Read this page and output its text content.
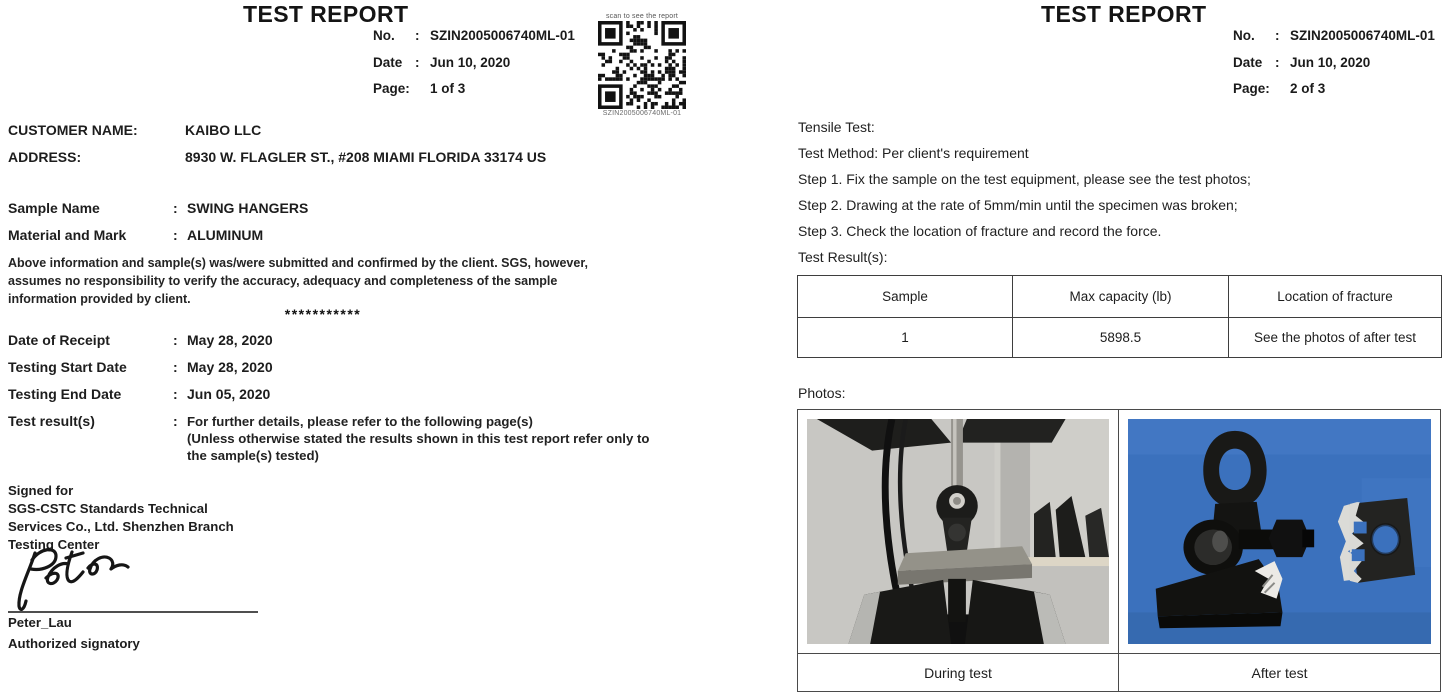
TEST REPORT
No.	: SZIN2005006740ML-01
Date : Jun 10, 2020
Page:	1 of 3
scan to see the report
SZIN2005006740ML-01
CUSTOMER NAME:	KAIBO LLC
ADDRESS:	8930 W. FLAGLER ST., #208 MIAMI FLORIDA 33174 US
Sample Name	: SWING HANGERS
Material and Mark	: ALUMINUM
Above information and sample(s) was/were submitted and confirmed by the client. SGS, however,
assumes no responsibility to verify the accuracy, adequacy and completeness of the sample
information provided by client.
***********
Date of Receipt	: May 28, 2020
Testing Start Date	: May 28, 2020
Testing End Date	: Jun 05, 2020
Test result(s)	: For further details, please refer to the following page(s)
(Unless otherwise stated the results shown in this test report refer only to
the sample(s) tested)
Signed for
SGS-CSTC Standards Technical
Services Co., Ltd. Shenzhen Branch
Testing Center
Peter_Lau
Authorized signatory
TEST REPORT
No.	: SZIN2005006740ML-01
Date : Jun 10, 2020
Page:	2 of 3
Tensile Test:
Test Method: Per client's requirement
Step 1. Fix the sample on the test equipment, please see the test photos;
Step 2. Drawing at the rate of 5mm/min until the specimen was broken;
Step 3. Check the location of fracture and record the force.
Test Result(s):
Sample	Max capacity (lb)	Location of fracture
1	5898.5	See the photos of after test
Photos:
During test	After test
